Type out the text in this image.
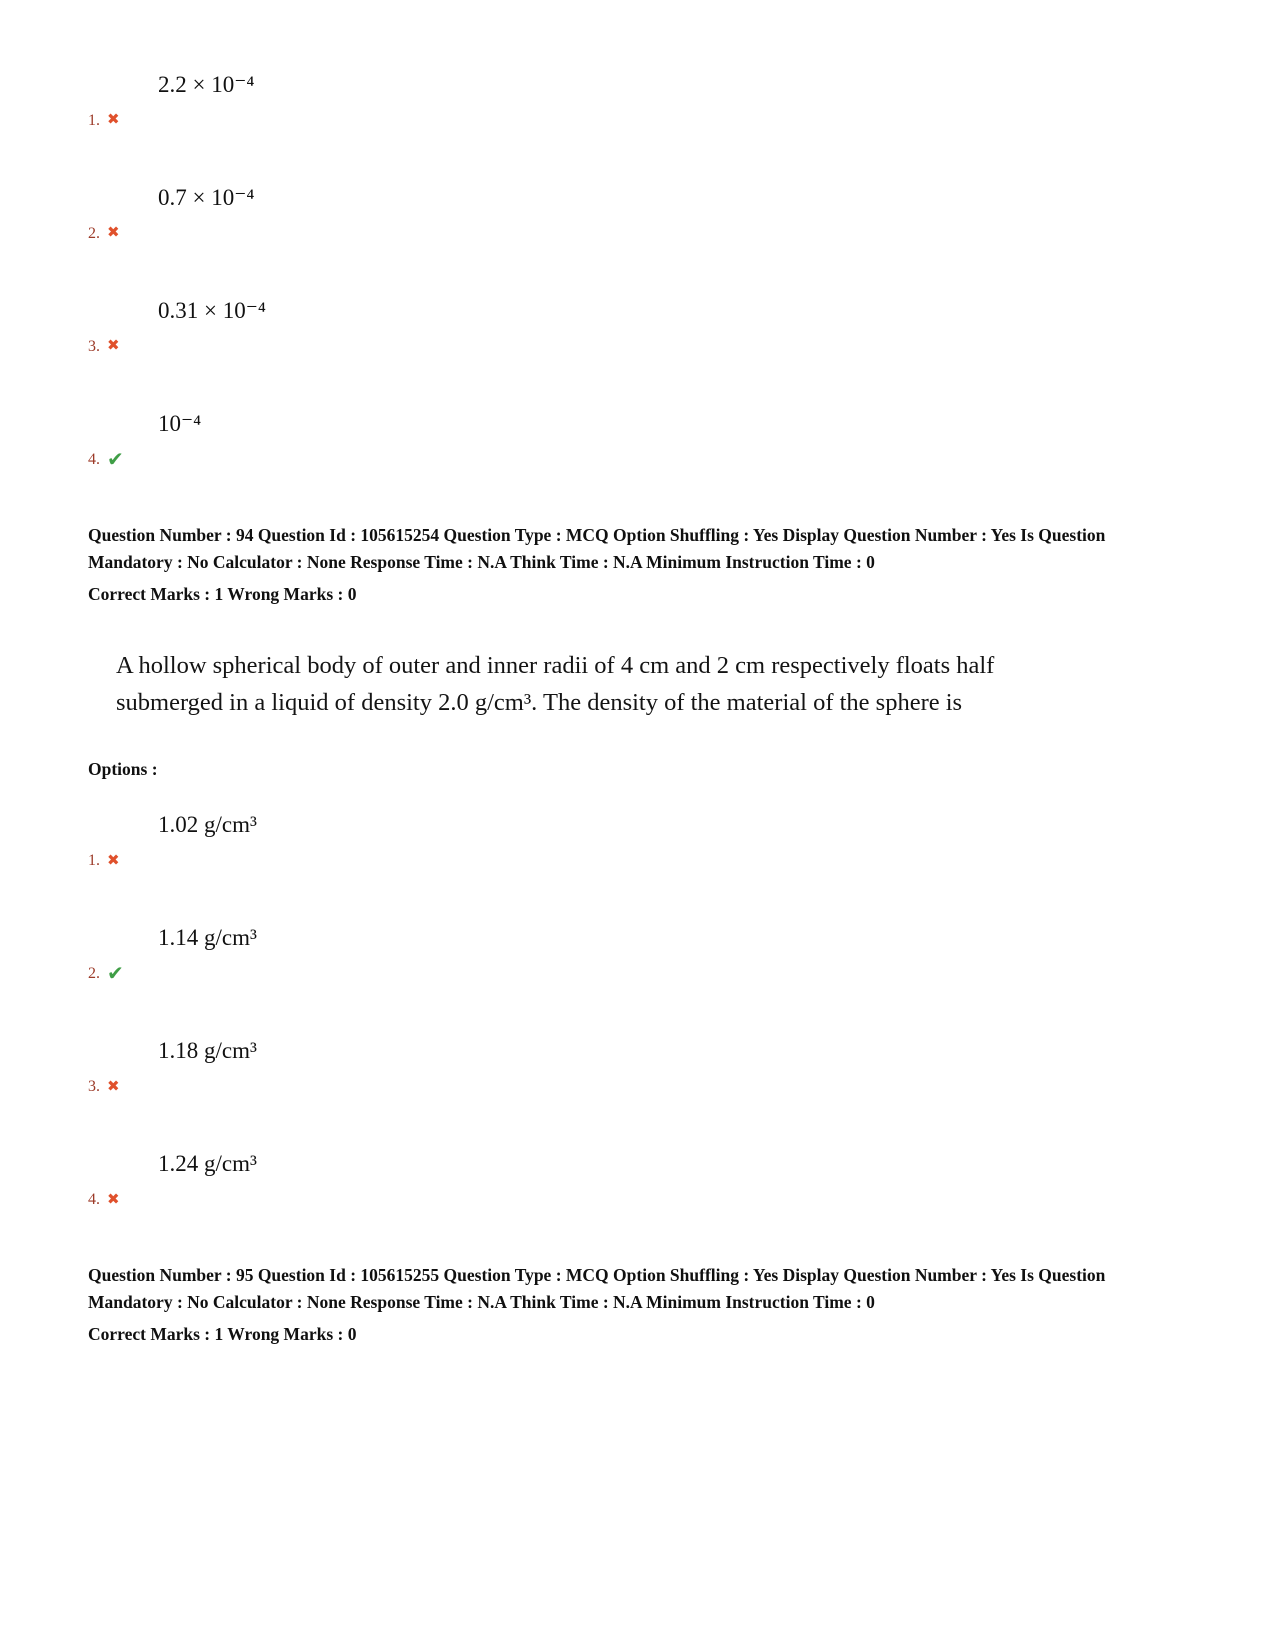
2.2 × 10⁻⁴
1. ✖
0.7 × 10⁻⁴
2. ✖
0.31 × 10⁻⁴
3. ✖
10⁻⁴
4. ✔

Question Number : 94 Question Id : 105615254 Question Type : MCQ Option Shuffling : Yes Display Question Number : Yes Is Question Mandatory : No Calculator : None Response Time : N.A Think Time : N.A Minimum Instruction Time : 0

Correct Marks : 1 Wrong Marks : 0

A hollow spherical body of outer and inner radii of 4 cm and 2 cm respectively floats half submerged in a liquid of density 2.0 g/cm³. The density of the material of the sphere is

Options :

1.02 g/cm³
1. ✖
1.14 g/cm³
2. ✔
1.18 g/cm³
3. ✖
1.24 g/cm³
4. ✖

Question Number : 95 Question Id : 105615255 Question Type : MCQ Option Shuffling : Yes Display Question Number : Yes Is Question Mandatory : No Calculator : None Response Time : N.A Think Time : N.A Minimum Instruction Time : 0

Correct Marks : 1 Wrong Marks : 0
